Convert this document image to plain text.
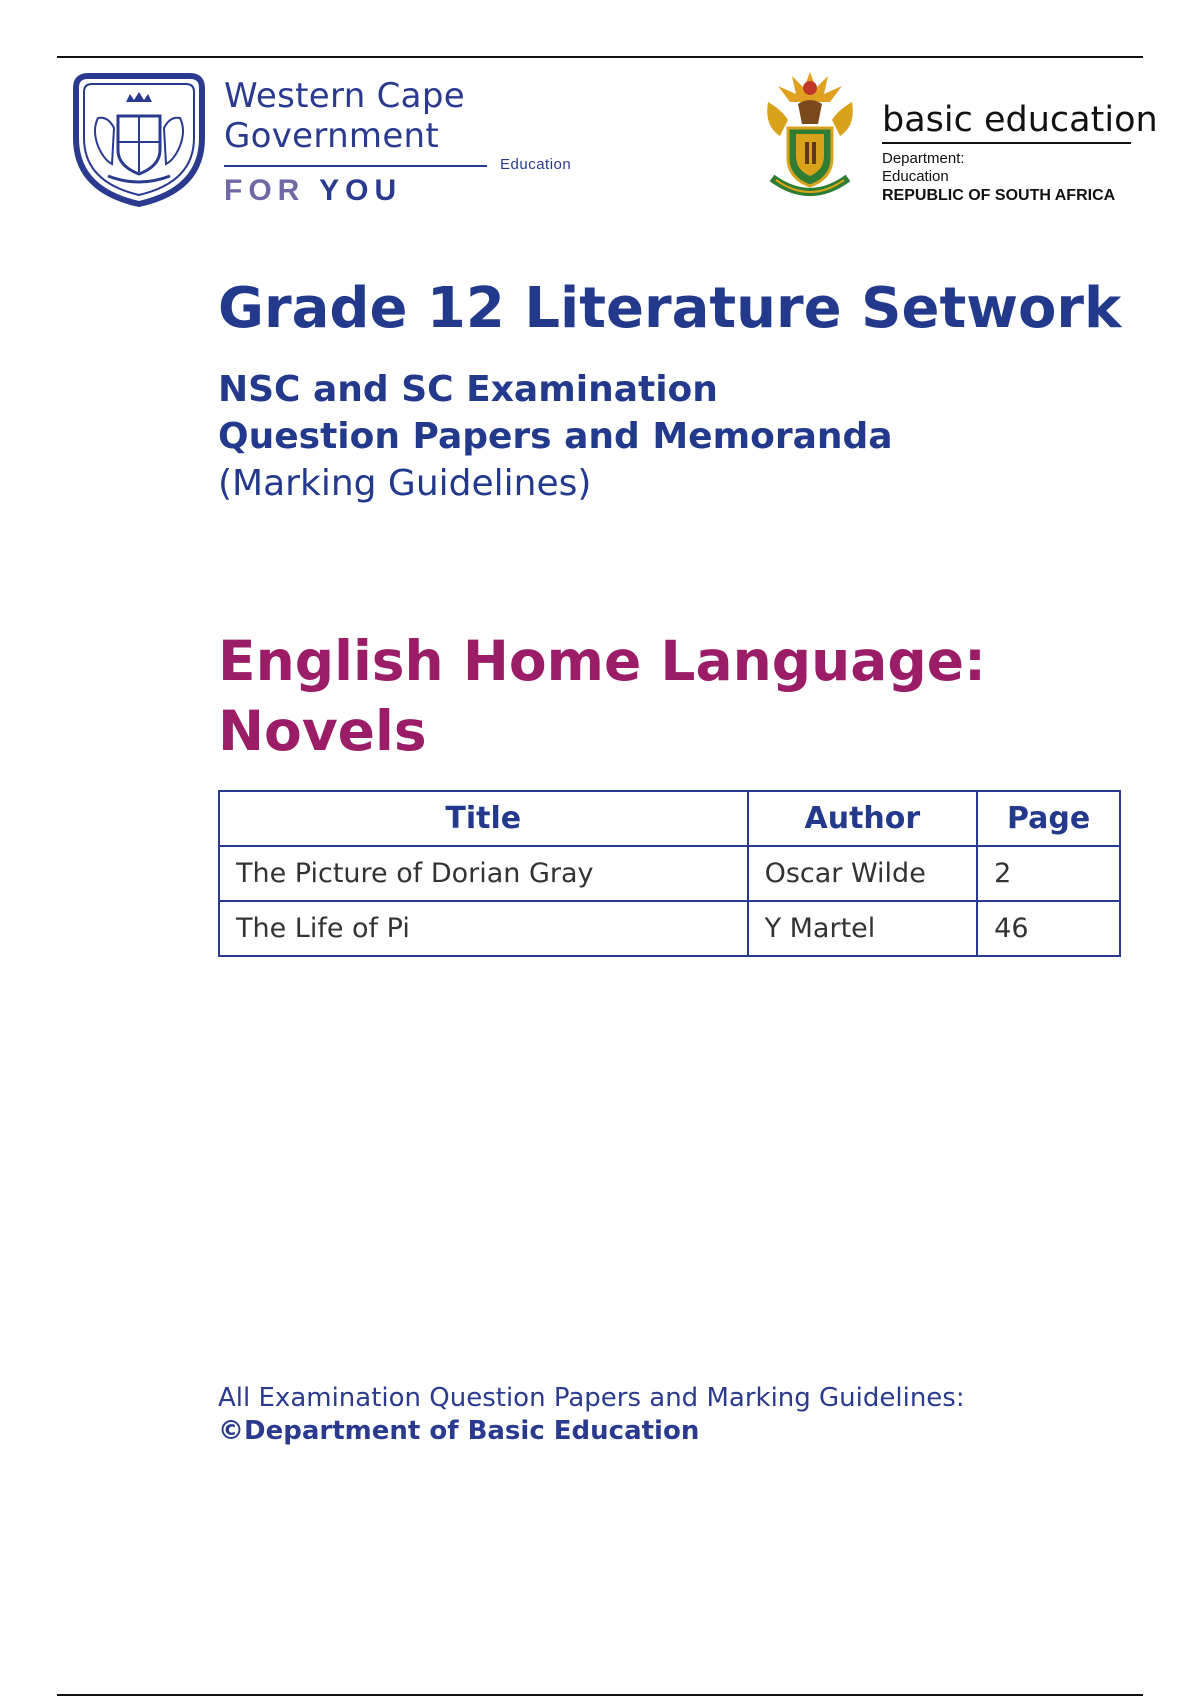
Western Cape
Government
Education
FOR YOU
basic education
Department:
Education
REPUBLIC OF SOUTH AFRICA
Grade 12 Literature Setwork
NSC and SC Examination
Question Papers and Memoranda
(Marking Guidelines)
English Home Language:
Novels
Title	Author	Page
The Picture of Dorian Gray	Oscar Wilde	2
The Life of Pi	Y Martel	46
All Examination Question Papers and Marking Guidelines:
©Department of Basic Education
